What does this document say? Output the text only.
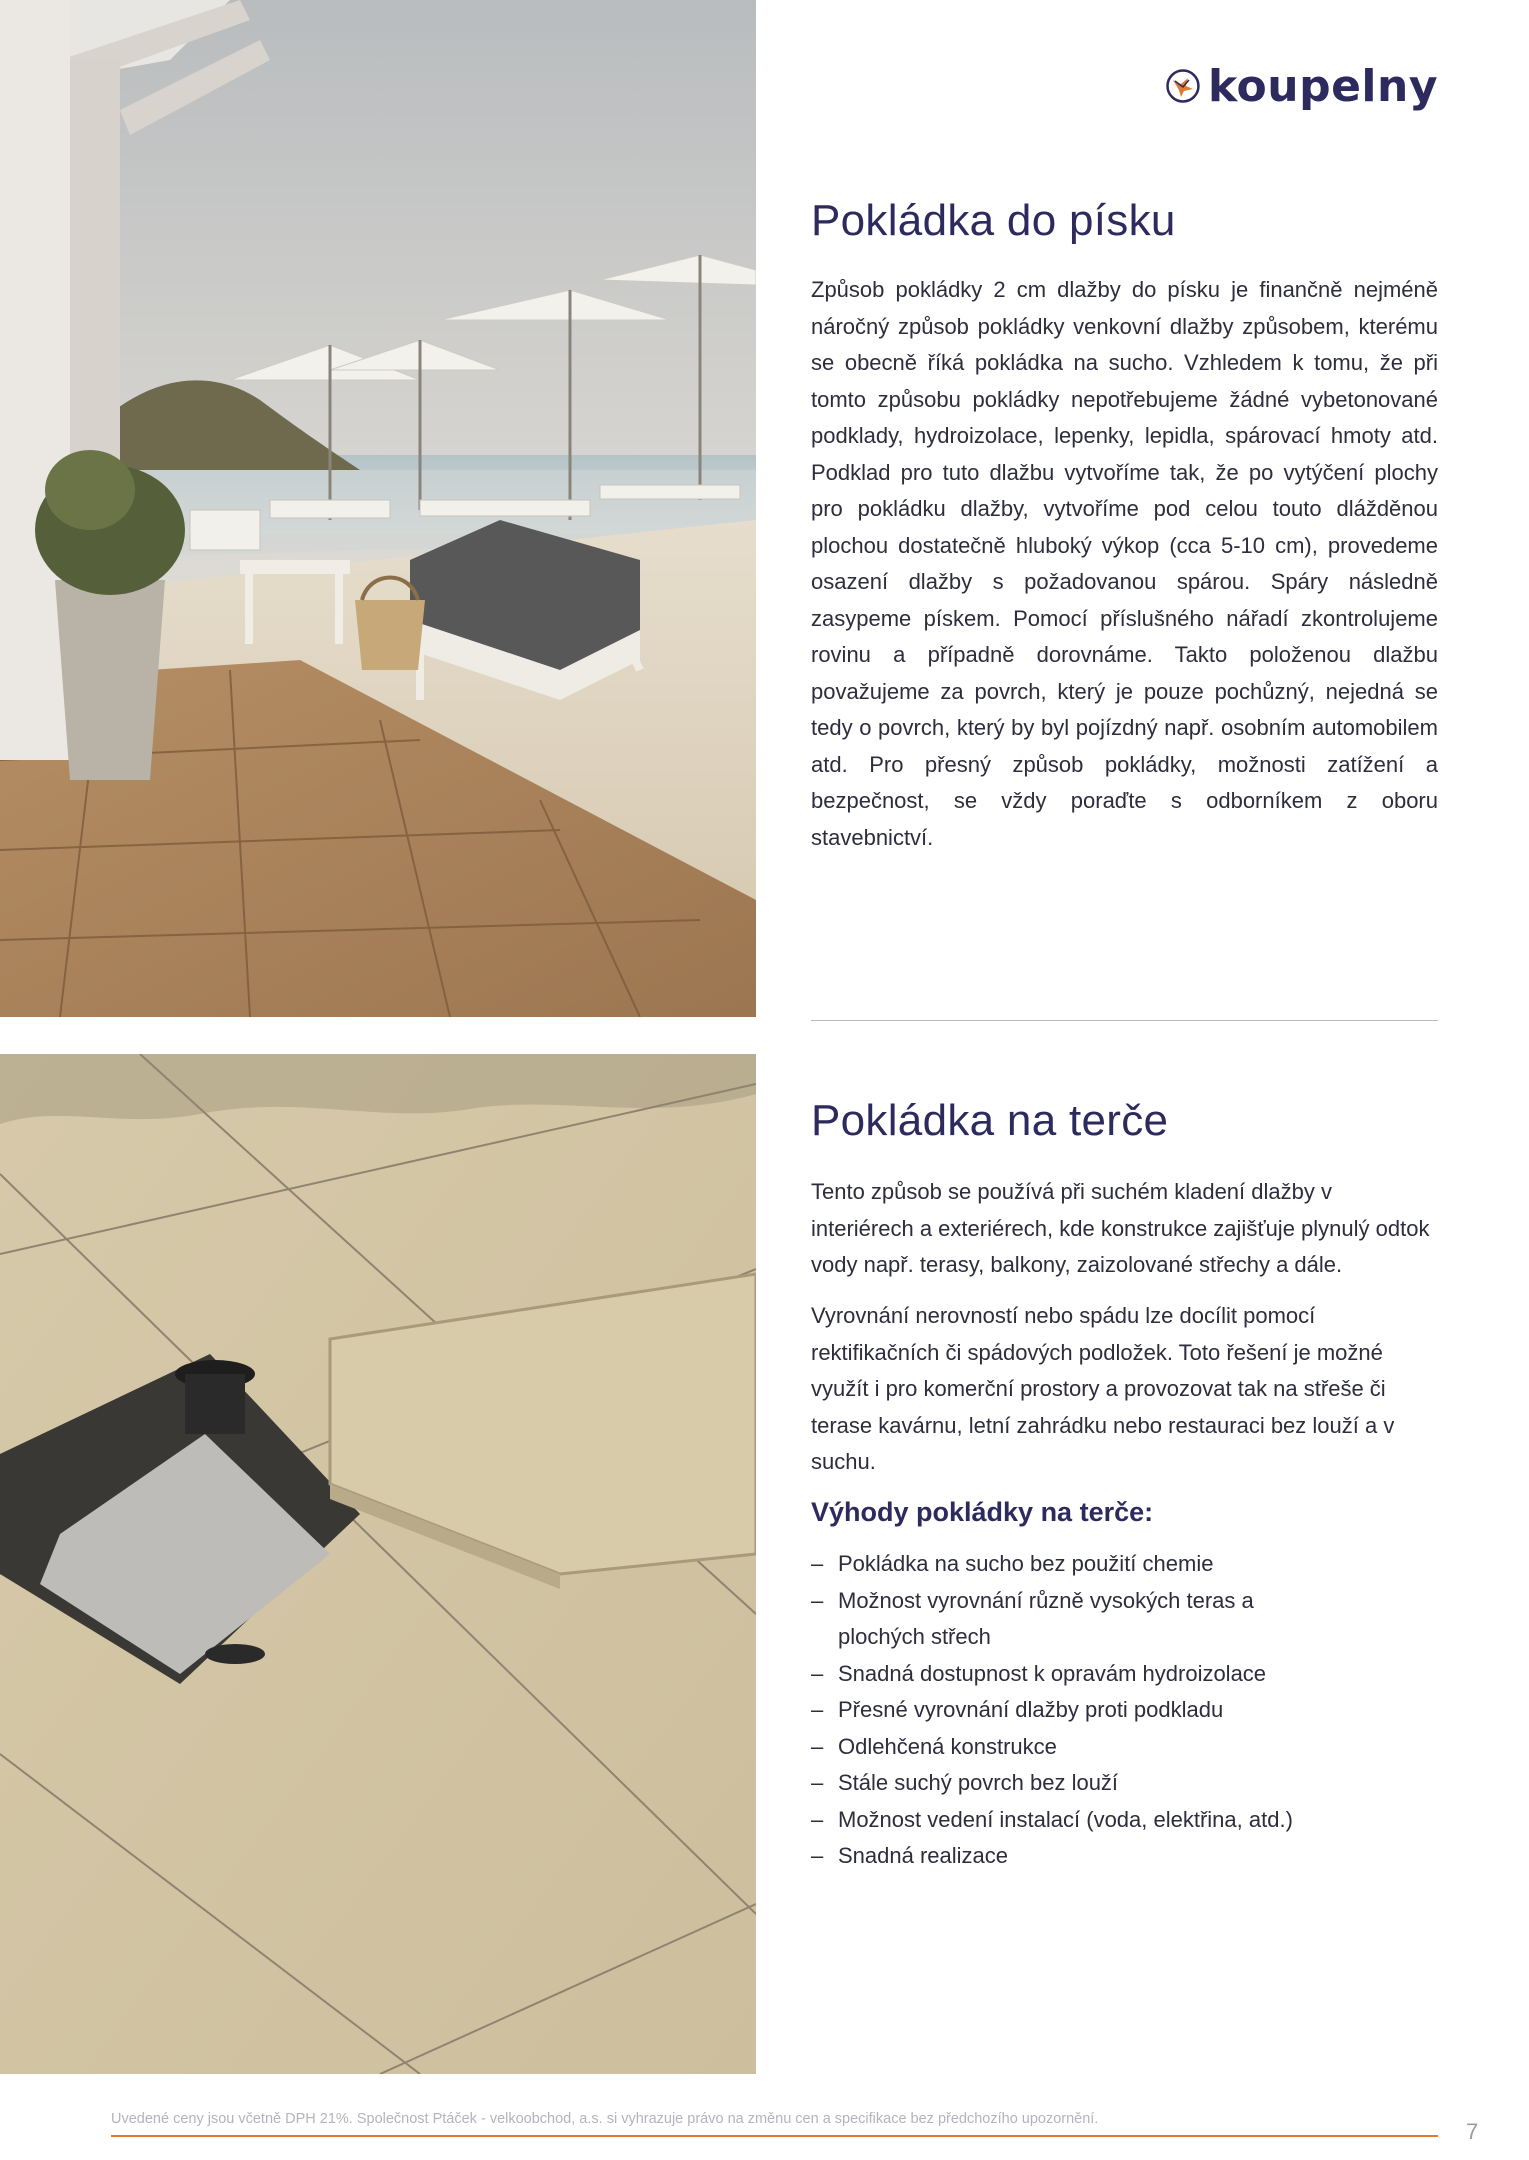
koupelny
Pokládka do písku

Způsob pokládky 2 cm dlažby do písku je finančně nejméně náročný způsob pokládky venkovní dlažby způsobem, kterému se obecně říká pokládka na sucho. Vzhledem k tomu, že při tomto způsobu pokládky nepotřebujeme žádné vybetonované podklady, hydroizolace, lepenky, lepidla, spárovací hmoty atd. Podklad pro tuto dlažbu vytvoříme tak, že po vytýčení plochy pro pokládku dlažby, vytvoříme pod celou touto dlážděnou plochou dostatečně hluboký výkop (cca 5-10 cm), provedeme osazení dlažby s požadovanou spárou. Spáry následně zasypeme pískem. Pomocí příslušného nářadí zkontrolujeme rovinu a případně dorovnáme. Takto položenou dlažbu považujeme za povrch, který je pouze pochůzný, nejedná se tedy o povrch, který by byl pojízdný např. osobním automobilem atd. Pro přesný způsob pokládky, možnosti zatížení a bezpečnost, se vždy poraďte s odborníkem z oboru stavebnictví.

Pokládka na terče

Tento způsob se používá při suchém kladení dlažby v interiérech a exteriérech, kde konstrukce zajišťuje plynulý odtok vody např. terasy, balkony, zaizolované střechy a dále.

Vyrovnání nerovností nebo spádu lze docílit pomocí rektifikačních či spádových podložek. Toto řešení je možné využít i pro komerční prostory a provozovat tak na střeše či terase kavárnu, letní zahrádku nebo restauraci bez louží a v suchu.

Výhody pokládky na terče:
– Pokládka na sucho bez použití chemie
– Možnost vyrovnání různě vysokých teras a plochých střech
– Snadná dostupnost k opravám hydroizolace
– Přesné vyrovnání dlažby proti podkladu
– Odlehčená konstrukce
– Stále suchý povrch bez louží
– Možnost vedení instalací (voda, elektřina, atd.)
– Snadná realizace
Uvedené ceny jsou včetně DPH 21%. Společnost Ptáček - velkoobchod, a.s. si vyhrazuje právo na změnu cen a specifikace bez předchozího upozornění.	7
